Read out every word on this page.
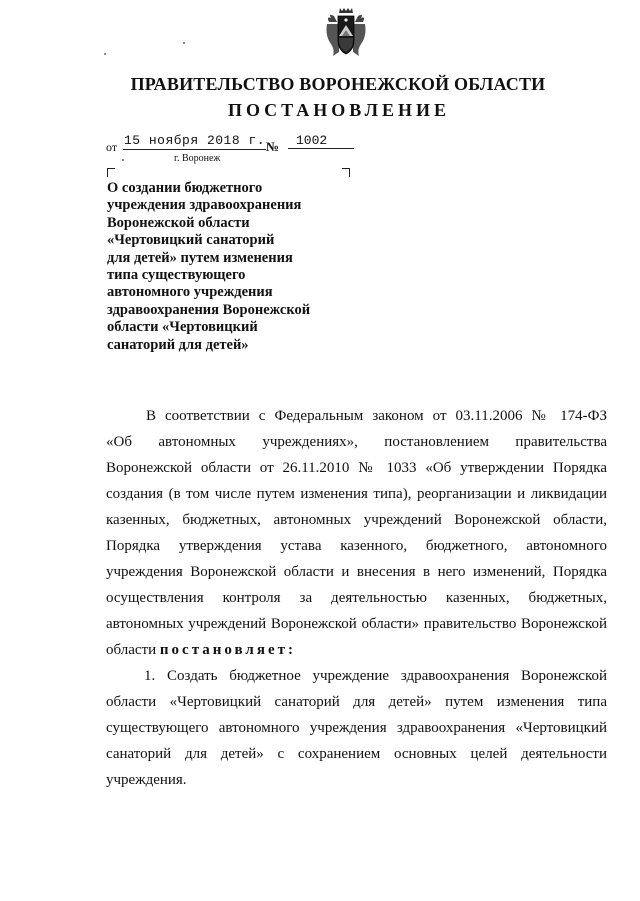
ПРАВИТЕЛЬСТВО ВОРОНЕЖСКОЙ ОБЛАСТИ
ПОСТАНОВЛЕНИЕ
от 15 ноября 2018 г. №	1002
г. Воронеж
О создании бюджетного
учреждения здравоохранения
Воронежской области
«Чертовицкий санаторий
для детей» путем изменения
типа существующего
автономного учреждения
здравоохранения Воронежской
области «Чертовицкий
санаторий для детей»
В соответствии с Федеральным законом от 03.11.2006 № 174-ФЗ
«Об автономных учреждениях», постановлением правительства
Воронежской области от 26.11.2010 № 1033 «Об утверждении Порядка
создания (в том числе путем изменения типа), реорганизации и ликвидации
казенных, бюджетных, автономных учреждений Воронежской области,
Порядка утверждения устава казенного, бюджетного, автономного
учреждения Воронежской области и внесения в него изменений, Порядка
осуществления контроля за деятельностью казенных, бюджетных,
автономных учреждений Воронежской области» правительство Воронежской
области постановляет:
1. Создать бюджетное учреждение здравоохранения Воронежской
области «Чертовицкий санаторий для детей» путем изменения типа
существующего автономного учреждения здравоохранения «Чертовицкий
санаторий для детей» с сохранением основных целей деятельности
учреждения.
